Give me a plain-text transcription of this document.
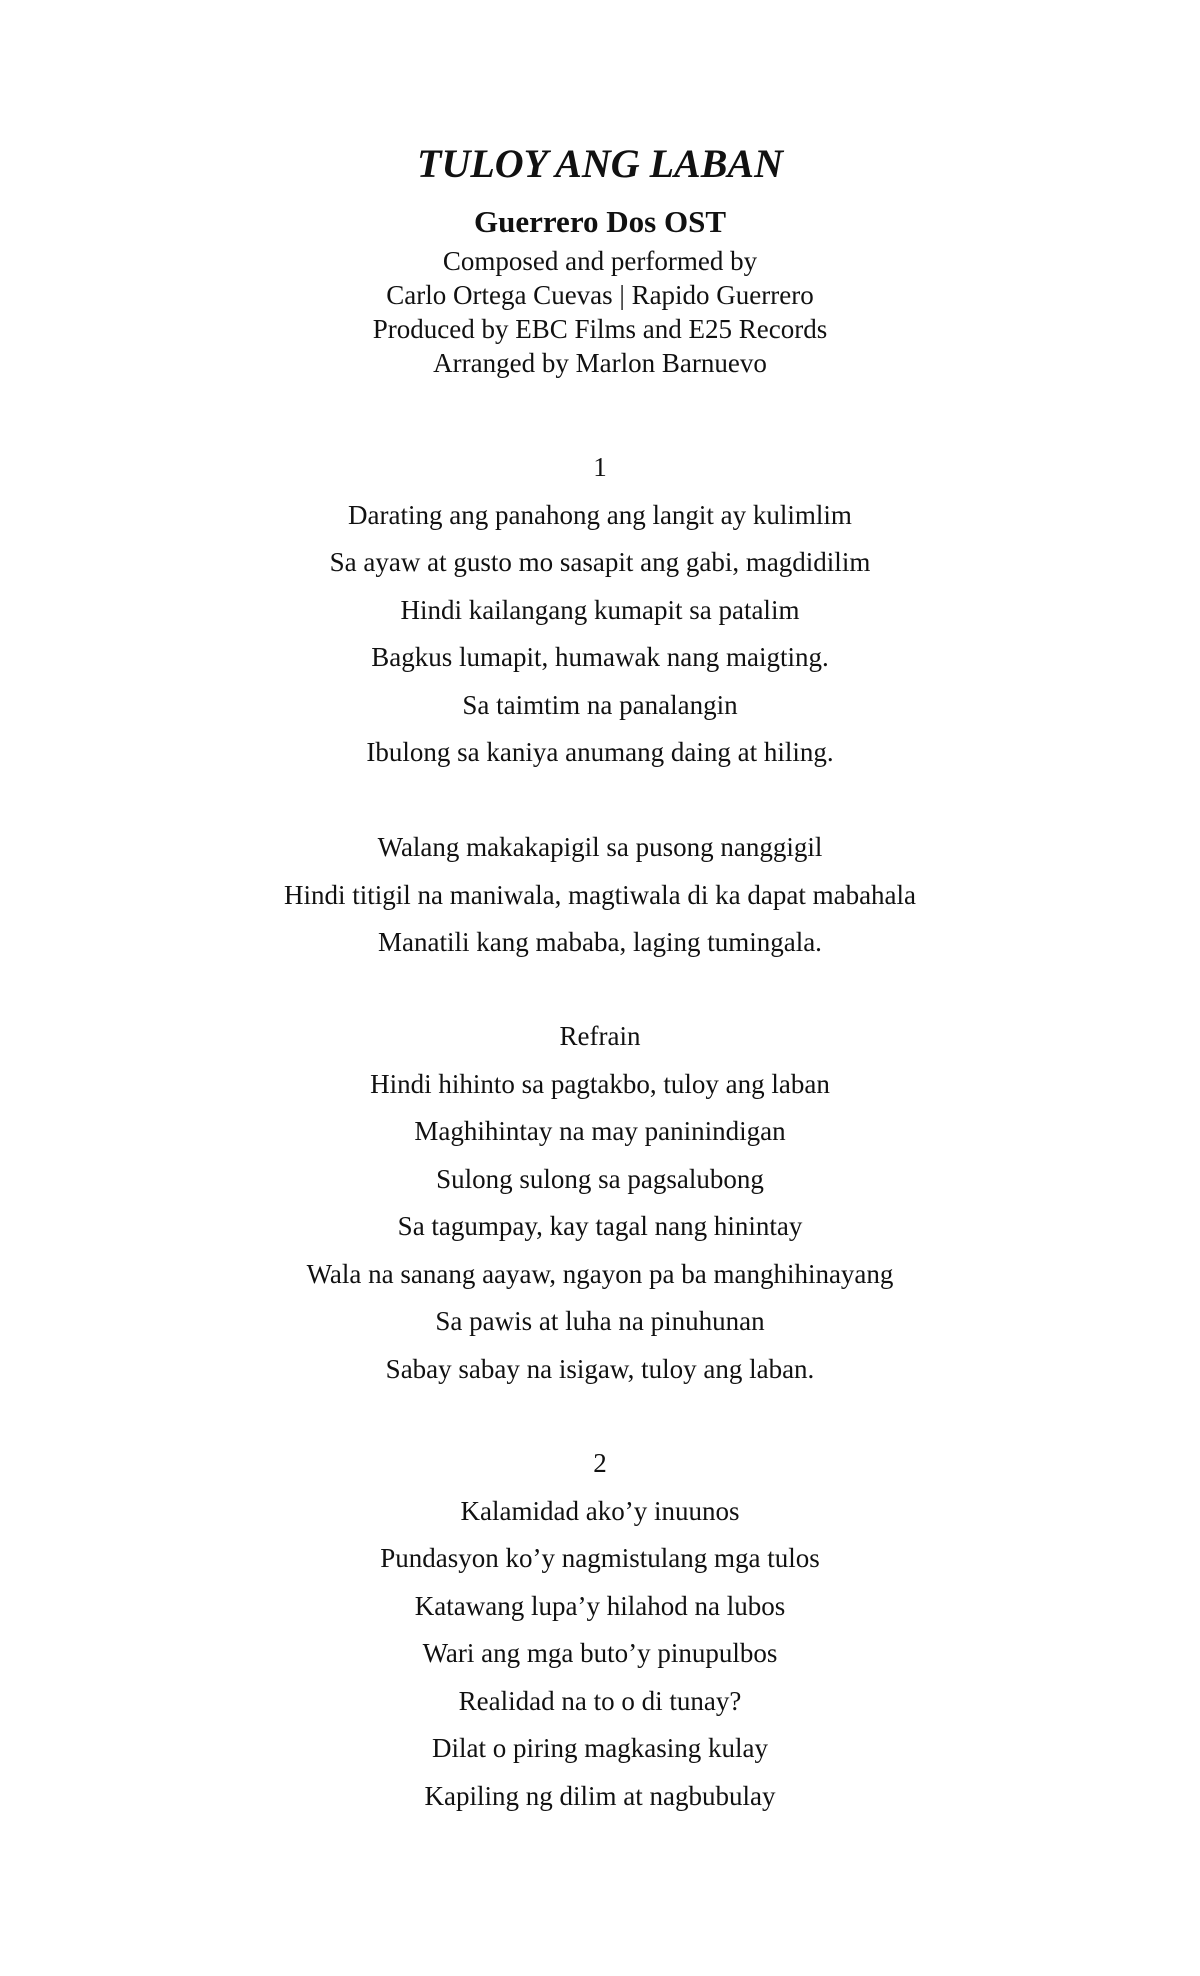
TULOY ANG LABAN
Guerrero Dos OST
Composed and performed by
Carlo Ortega Cuevas | Rapido Guerrero
Produced by EBC Films and E25 Records
Arranged by Marlon Barnuevo
1
Darating ang panahong ang langit ay kulimlim
Sa ayaw at gusto mo sasapit ang gabi, magdidilim
Hindi kailangang kumapit sa patalim
Bagkus lumapit, humawak nang maigting.
Sa taimtim na panalangin
Ibulong sa kaniya anumang daing at hiling.
Walang makakapigil sa pusong nanggigil
Hindi titigil na maniwala, magtiwala di ka dapat mabahala
Manatili kang mababa, laging tumingala.
Refrain
Hindi hihinto sa pagtakbo, tuloy ang laban
Maghihintay na may paninindigan
Sulong sulong sa pagsalubong
Sa tagumpay, kay tagal nang hinintay
Wala na sanang aayaw, ngayon pa ba manghihinayang
Sa pawis at luha na pinuhunan
Sabay sabay na isigaw, tuloy ang laban.
2
Kalamidad ako’y inuunos
Pundasyon ko’y nagmistulang mga tulos
Katawang lupa’y hilahod na lubos
Wari ang mga buto’y pinupulbos
Realidad na to o di tunay?
Dilat o piring magkasing kulay
Kapiling ng dilim at nagbubulay
